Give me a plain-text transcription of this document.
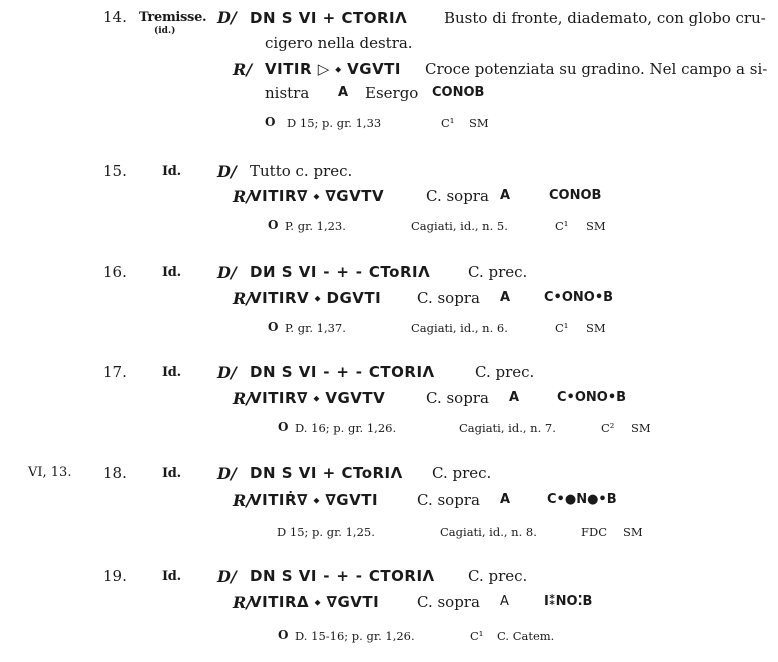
14. Tremisse.
(id.)
D/ DN S VI + CTORIΛ Busto di fronte, diademato, con globo cru-
cigero nella destra.
R/ VITIR ▷ ⬩ VGVTI Croce potenziata su gradino. Nel campo a si-
nistra A Esergo CONOB
O D 15; p. gr. 1,33	C¹ SM
15.	Id. D/ Tutto c. prec.
R/
VITIR∇ ⬩ ∇GVTV	C. sopra A	CONOB
O P. gr. 1,23.	Cagiati, id., n. 5.	C¹ SM
16.	Id. D/ DИ S VI ⁃ + ⁃ CToRIΛ	C. prec.
R/
VITIRV ⬩ DGVTI C. sopra A	C•ONO•B
O P. gr. 1,37.	Cagiati, id., n. 6.	C¹ SM
17.	Id. D/ DN S VI ⁃ + ⁃ CTORIΛ	C. prec.
R/
VITIR∇ ⬩ VGVTV	C. sopra A	C•ONO•B
O D. 16; p. gr. 1,26.	Cagiati, id., n. 7.	C² SM
VI, 13. 18.	Id. D/ DN S VI + CToRIΛ C. prec.
R/
VITIṘ∇ ⬩ ∇GVTI	C. sopra A	C•●N●•B
D 15; p. gr. 1,25.	Cagiati, id., n. 8.	FDC SM
19.	Id. D/ DN S VI ⁃ + ⁃ CTORIΛ C. prec.
R/
VITIRΔ ⬩ ∇GVTI	C. sopra A	I⁑NO⁚B
O D. 15-16; p. gr. 1,26.	C¹ C. Catem.
